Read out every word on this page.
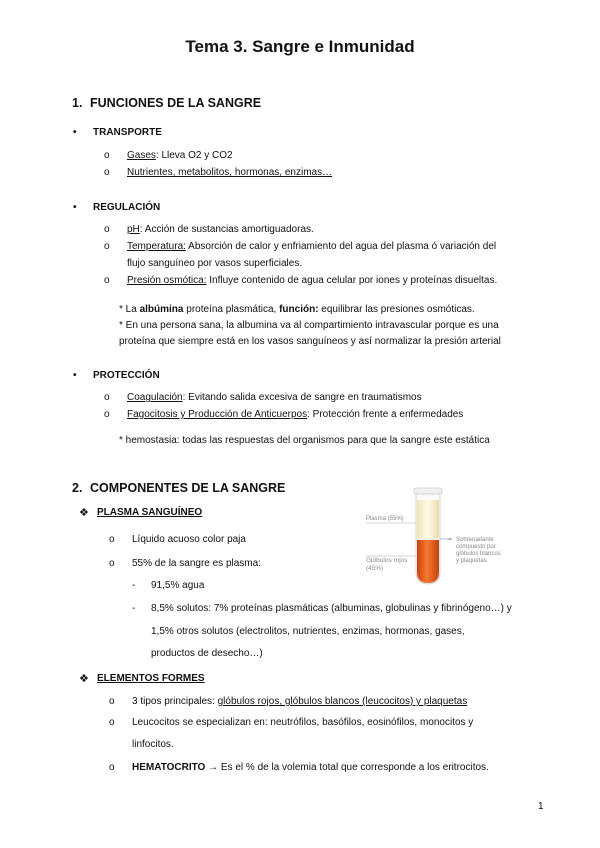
Tema 3. Sangre e Inmunidad
1. FUNCIONES DE LA SANGRE
• TRANSPORTE
o Gases: Lleva O2 y CO2
o Nutrientes, metabolitos, hormonas, enzimas…
• REGULACIÓN
o pH: Acción de sustancias amortiguadoras.
o Temperatura: Absorción de calor y enfriamiento del agua del plasma ó variación del
flujo sanguíneo por vasos superficiales.
o Presión osmótica: Influye contenido de agua celular por iones y proteínas disueltas.
* La albúmina proteína plasmática, función: equilibrar las presiones osmóticas.
* En una persona sana, la albumina va al compartimiento intravascular porque es una
proteína que siempre está en los vasos sanguíneos y así normalizar la presión arterial
• PROTECCIÓN
o Coagulación: Evitando salida excesiva de sangre en traumatismos
o Fagocitosis y Producción de Anticuerpos: Protección frente a enfermedades
* hemostasia: todas las respuestas del organismos para que la sangre este estática
2. COMPONENTES DE LA SANGRE
❖ PLASMA SANGUÍNEO
o Líquido acuoso color paja
o 55% de la sangre es plasma:
- 91,5% agua
- 8,5% solutos: 7% proteínas plasmáticas (albuminas, globulinas y fibrinógeno…) y
1,5% otros solutos (electrolitos, nutrientes, enzimas, hormonas, gases,
productos de desecho…)
Plasma (55%)
Glóbulos rojos
(45%)
⇒ Sobrenadante
compuesto por
glóbulos blancos
y plaquetas
❖ ELEMENTOS FORMES
o 3 tipos principales: glóbulos rojos, glóbulos blancos (leucocitos) y plaquetas
o Leucocitos se especializan en: neutrófilos, basófilos, eosinófilos, monocitos y
linfocitos.
o HEMATOCRITO → Es el % de la volemia total que corresponde a los eritrocitos.
1
